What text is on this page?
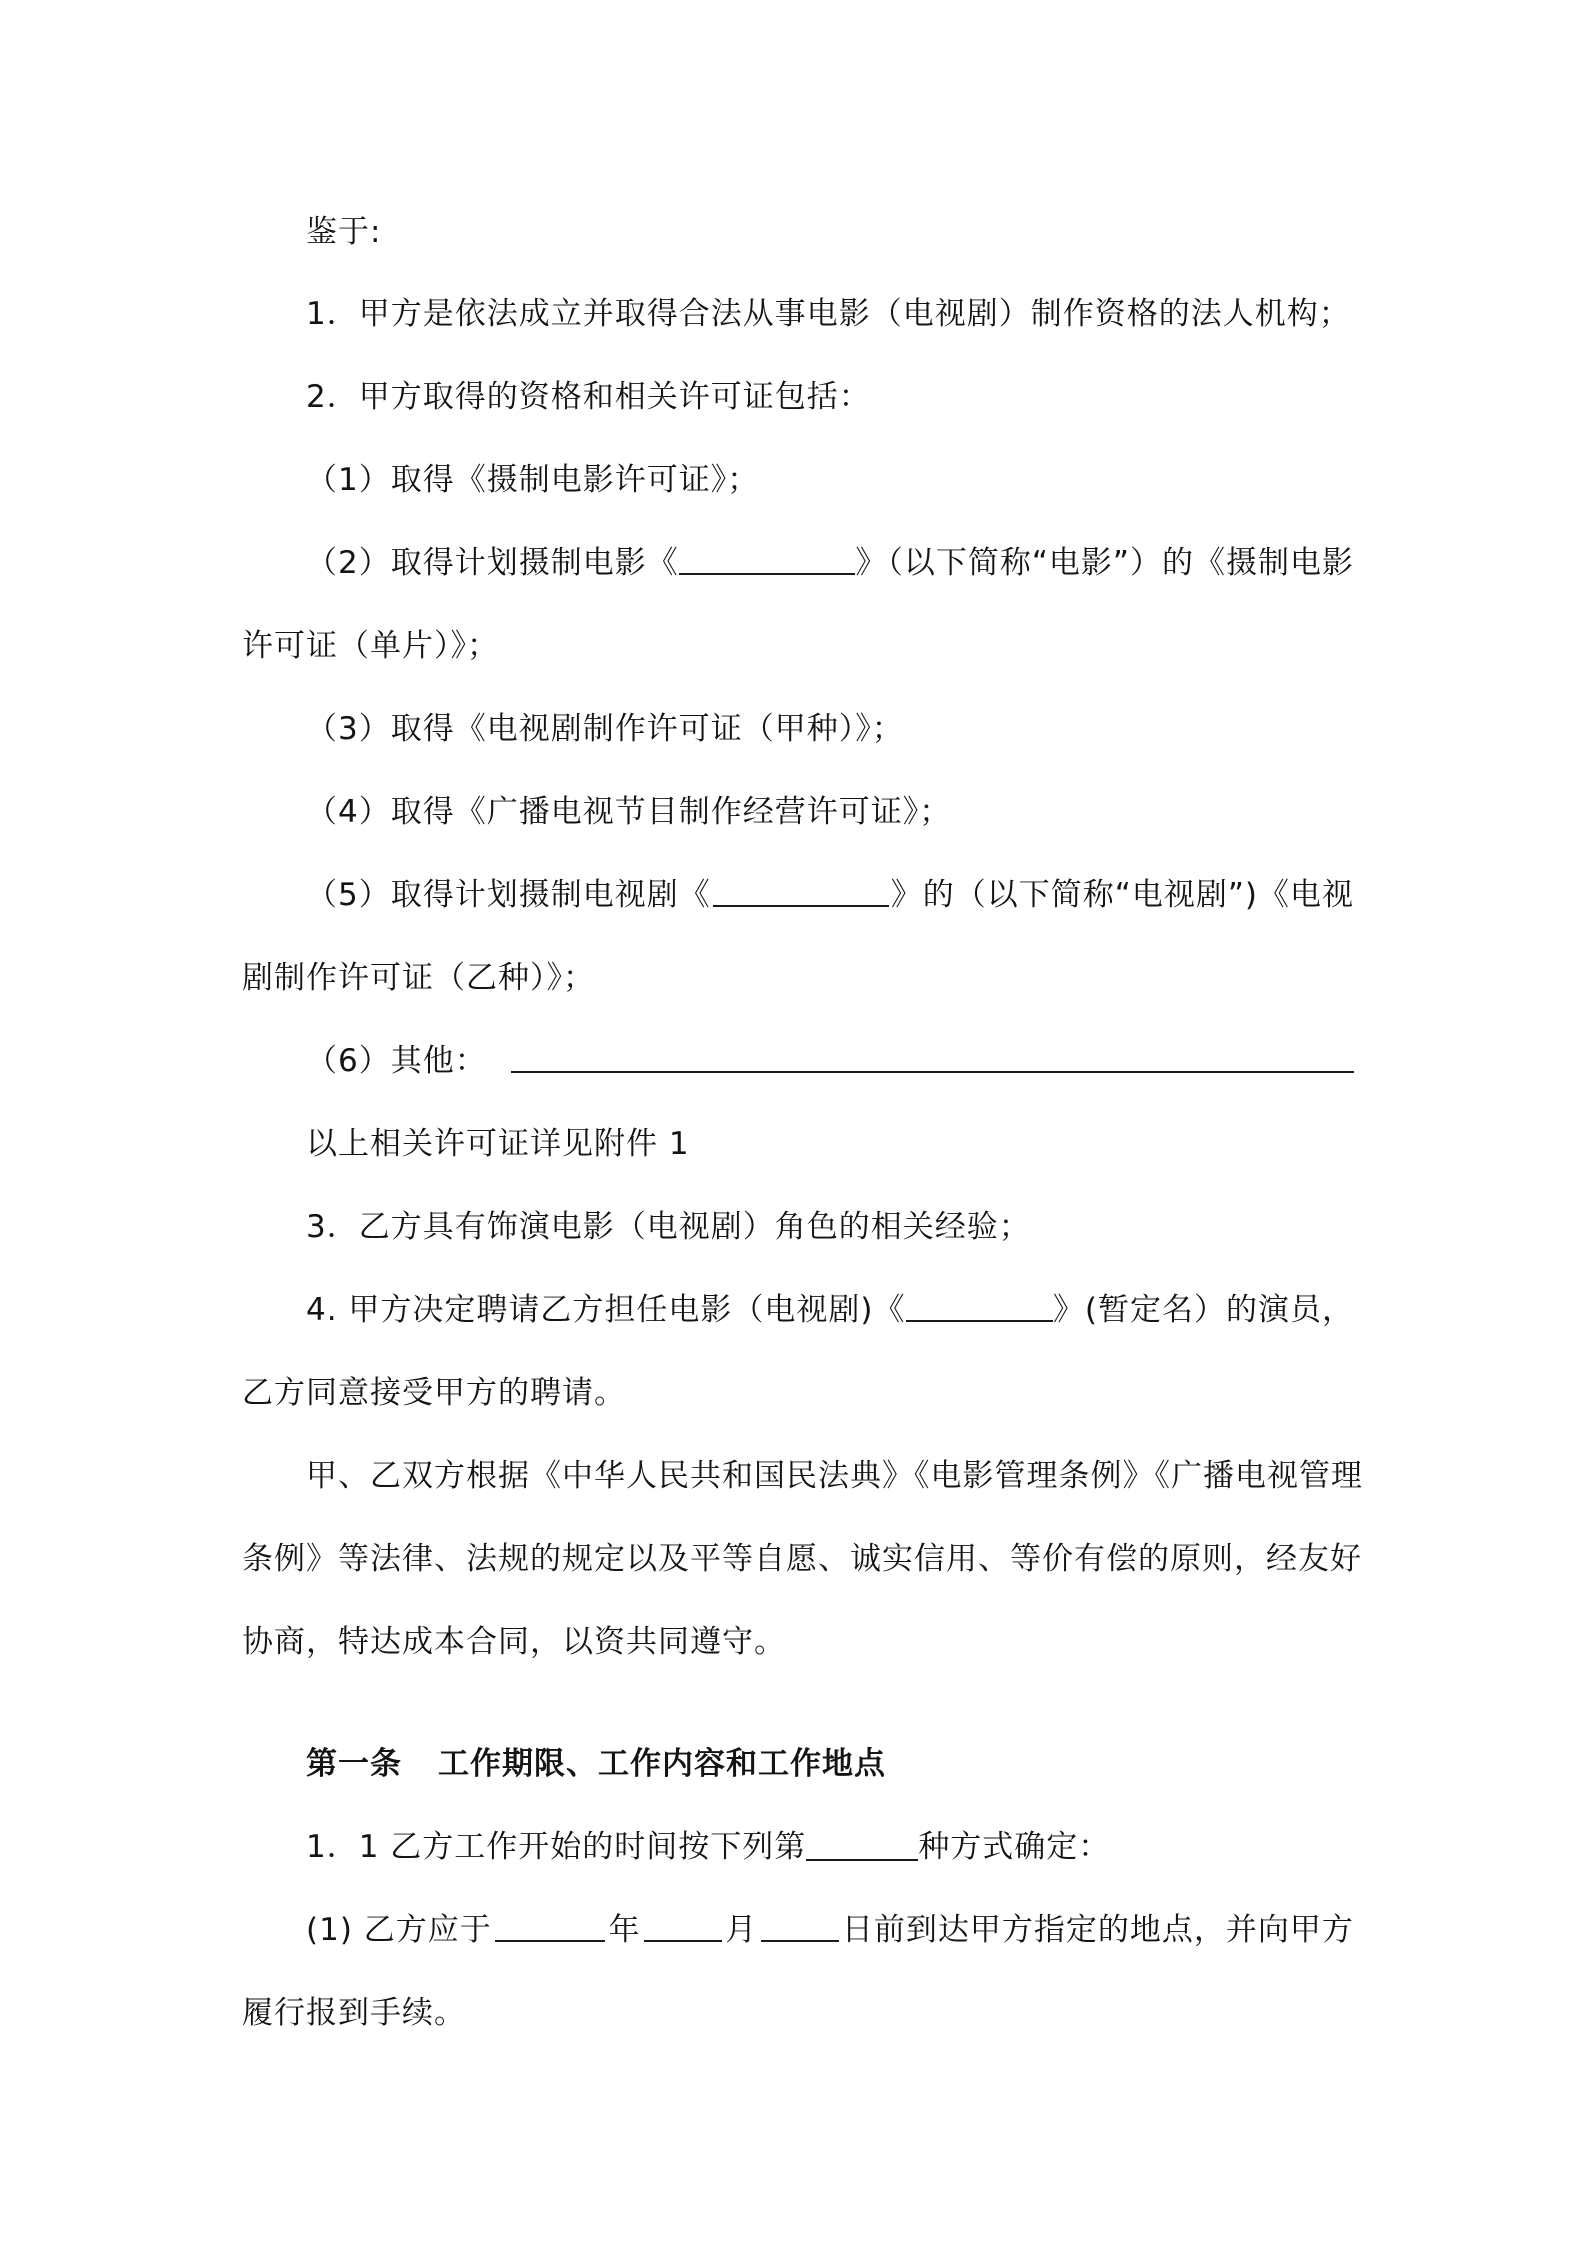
鉴于:
1．甲方是依法成立并取得合法从事电影（电视剧）制作资格的法人机构；
2．甲方取得的资格和相关许可证包括：
（1）取得《摄制电影许可证》；
（2）取得计划摄制电影《	》（以下简称“电影”）的《摄制电影
许可证（单片）》；
（3）取得《电视剧制作许可证（甲种）》；
（4）取得《广播电视节目制作经营许可证》；
（5）取得计划摄制电视剧《	》的（以下简称“电视剧”)《电视
剧制作许可证（乙种）》；
（6）其他：
以上相关许可证详见附件 1
3．乙方具有饰演电影（电视剧）角色的相关经验；
4. 甲方决定聘请乙方担任电影（电视剧)《	》(暂定名）的演员，
乙方同意接受甲方的聘请。
甲、乙双方根据《中华人民共和国民法典》《电影管理条例》《广播电视管理
条例》等法律、法规的规定以及平等自愿、诚实信用、等价有偿的原则，经友好
协商，特达成本合同，以资共同遵守。
第一条 工作期限、工作内容和工作地点
1．1 乙方工作开始的时间按下列第	种方式确定：
(1) 乙方应于	年	月	日前到达甲方指定的地点，并向甲方
履行报到手续。
